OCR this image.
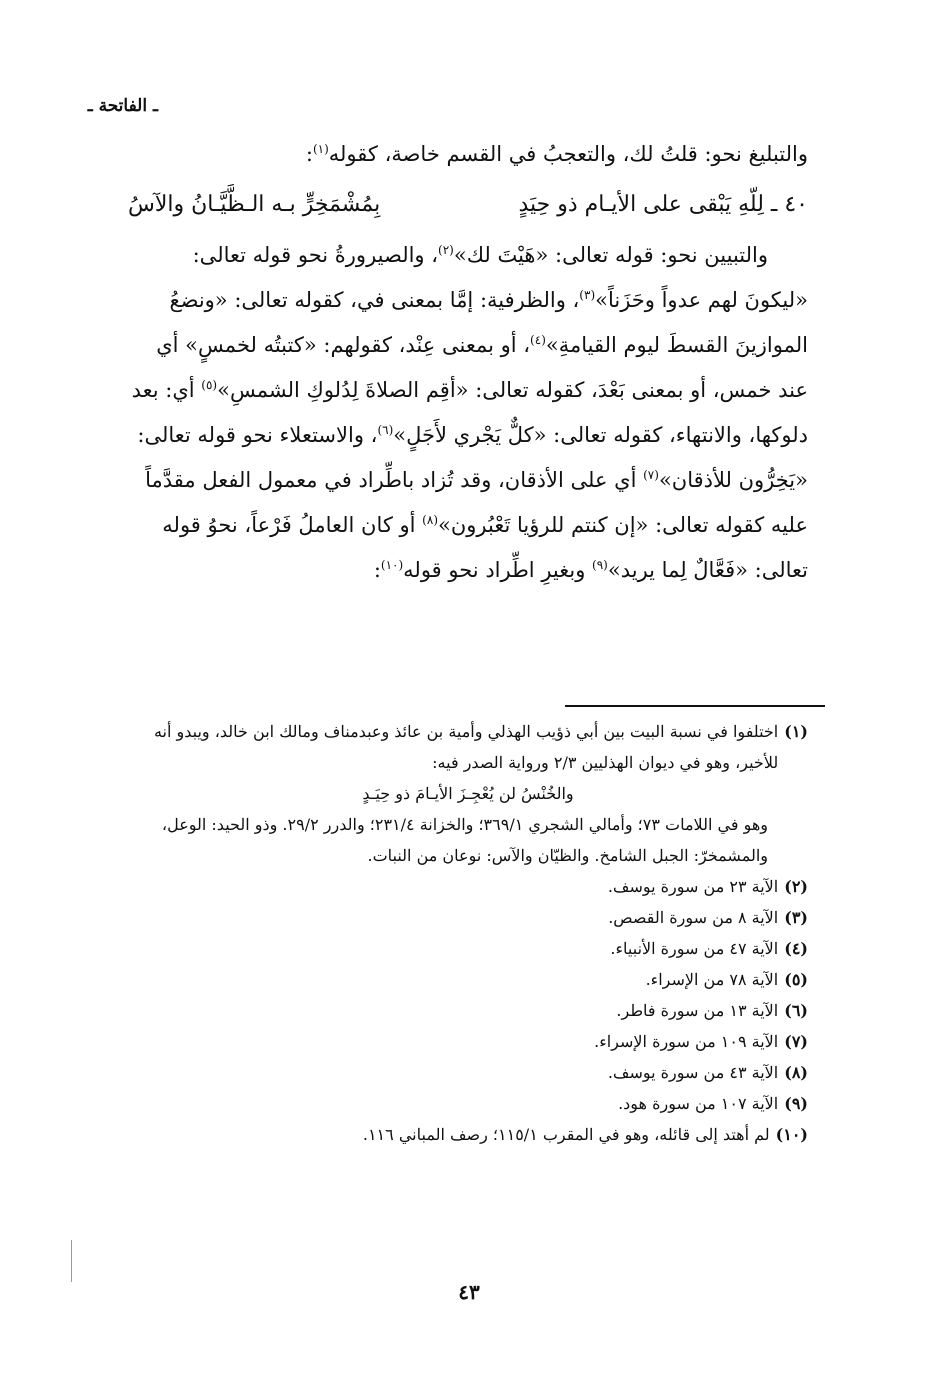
ـ الفاتحة ـ

والتبليغ نحو: قلتُ لك، والتعجبُ في القسم خاصة، كقوله$^{(١)}$:

٤٠ ـ لِلّهِ يَبْقى على الأيـام ذو حِيَدٍ
بِمُشْمَخِرٍّ بـه الـظَّيَّـانُ والآسُ

والتبيين نحو: قوله تعالى: «هَيْتَ لك»$^{(٢)}$، والصيرورةُ نحو قوله تعالى: «ليكونَ لهم عدواً وحَزَناً»$^{(٣)}$، والظرفية: إمَّا بمعنى في، كقوله تعالى: «ونضعُ الموازينَ القسطَ ليوم القيامةِ»$^{(٤)}$، أو بمعنى عِنْد، كقولهم: «كتبتُه لخمسٍ» أي عند خمس، أو بمعنى بَعْدَ، كقوله تعالى: «أقِم الصلاةَ لِدُلوكِ الشمسِ»$^{(٥)}$ أي: بعد دلوكها، والانتهاء، كقوله تعالى: «كلٌّ يَجْري لأَجَلٍ»$^{(٦)}$، والاستعلاء نحو قوله تعالى: «يَخِرُّون للأذقان»$^{(٧)}$ أي على الأذقان، وقد تُزاد باطِّراد في معمول الفعل مقدَّماً عليه كقوله تعالى: «إن كنتم للرؤيا تَعْبُرون»$^{(٨)}$ أو كان العاملُ فَرْعاً، نحوُ قوله تعالى: «فَعَّالٌ لِما يريد»$^{(٩)}$ وبغيرِ اطِّراد نحو قوله$^{(١٠)}$:

(١)
اختلفوا في نسبة البيت بين أبي ذؤيب الهذلي وأمية بن عائذ وعبدمناف ومالك ابن خالد، ويبدو أنه للأخير، وهو في ديوان الهذليين ٢/٣ ورواية الصدر فيه:
والخُنْسُ لن يُعْجِـزَ الأيـامَ ذو حِيَـدٍ
وهو في اللامات ٧٣؛ وأمالي الشجري ٣٦٩/١؛ والخزانة ٢٣١/٤؛ والدرر ٢٩/٢. وذو الحيد: الوعل، والمشمخرّ: الجبل الشامخ. والظيّان والآس: نوعان من النبات.
(٢)
الآية ٢٣ من سورة يوسف.
(٣)
الآية ٨ من سورة القصص.
(٤)
الآية ٤٧ من سورة الأنبياء.
(٥)
الآية ٧٨ من الإسراء.
(٦)
الآية ١٣ من سورة فاطر.
(٧)
الآية ١٠٩ من سورة الإسراء.
(٨)
الآية ٤٣ من سورة يوسف.
(٩)
الآية ١٠٧ من سورة هود.
(١٠)
لم أهتد إلى قائله، وهو في المقرب ١١٥/١؛ رصف المباني ١١٦.
٤٣
